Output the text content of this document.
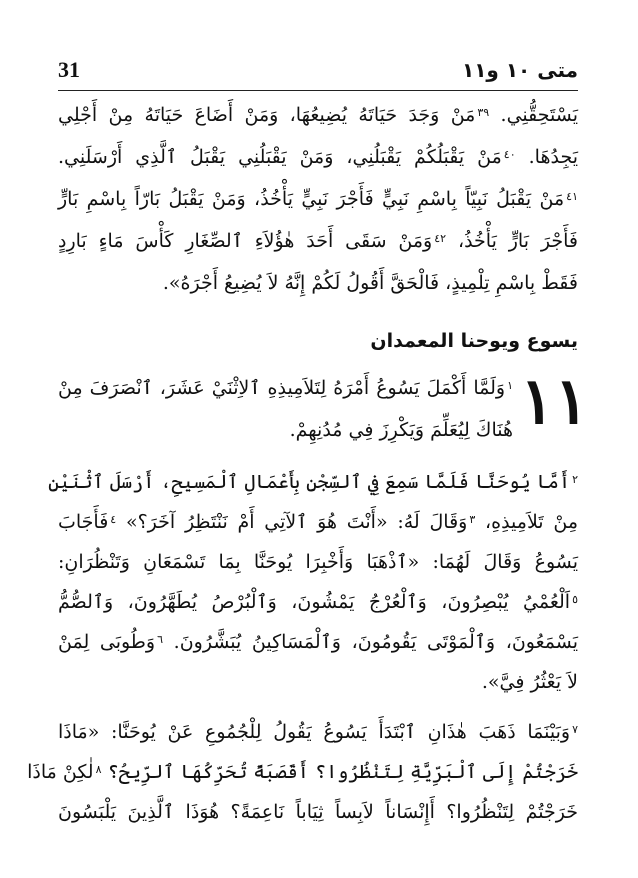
31	متى ١٠ و١١
يَسْتَحِقُّنِي. $^{٣٩}$مَنْ وَجَدَ حَيَاتَهُ يُضِيعُهَا، وَمَنْ أَضَاعَ حَيَاتَهُ مِنْ أَجْلِي
يَجِدُهَا. $^{٤٠}$مَنْ يَقْبَلُكُمْ يَقْبَلُنِي، وَمَنْ يَقْبَلُنِي يَقْبَلُ ٱلَّذِي أَرْسَلَنِي.
$^{٤١}$مَنْ يَقْبَلُ نَبِيّاً بِاسْمِ نَبِيٍّ فَأَجْرَ نَبِيٍّ يَأْخُذُ، وَمَنْ يَقْبَلُ بَارّاً بِاسْمِ بَارٍّ
فَأَجْرَ بَارٍّ يَأْخُذُ، $^{٤٢}$وَمَنْ سَقَى أَحَدَ هٰؤُلاَءِ ٱلصِّغَارِ كَأْسَ مَاءٍ بَارِدٍ
فَقَطْ بِاسْمِ تِلْمِيذٍ، فَالْحَقَّ أَقُولُ لَكُمْ إِنَّهُ لاَ يُضِيعُ أَجْرَهُ».
يسوع ويوحنا المعمدان
١١
$^١$وَلَمَّا أَكْمَلَ يَسُوعُ أَمْرَهُ لِتَلاَمِيذِهِ ٱلاِثْنَيْ عَشَرَ، ٱنْصَرَفَ مِنْ
هُنَاكَ لِيُعَلِّمَ وَيَكْرِزَ فِي مُدُنِهِمْ.
$^٢$أَمَّا يُوحَنَّا فَلَمَّا سَمِعَ فِي ٱلسِّجْنِ بِأَعْمَالِ ٱلْمَسِيحِ، أَرْسَلَ ٱثْنَيْنِ
مِنْ تَلاَمِيذِهِ، $^٣$وَقَالَ لَهُ: «أَنْتَ هُوَ ٱلآتِي أَمْ نَنْتَظِرُ آخَرَ؟» $^٤$فَأَجَابَ
يَسُوعُ وَقَالَ لَهُمَا: «ٱذْهَبَا وَأَخْبِرَا يُوحَنَّا بِمَا تَسْمَعَانِ وَتَنْظُرَانِ:
$^٥$اَلْعُمْيُ يُبْصِرُونَ، وَٱلْعُرْجُ يَمْشُونَ، وَٱلْبُرْصُ يُطَهَّرُونَ، وَٱلصُّمُّ
يَسْمَعُونَ، وَٱلْمَوْتَى يَقُومُونَ، وَٱلْمَسَاكِينُ يُبَشَّرُونَ. $^٦$وَطُوبَى لِمَنْ
لاَ يَعْثُرُ فِيَّ».
$^٧$وَبَيْنَمَا ذَهَبَ هٰذَانِ ٱبْتَدَأَ يَسُوعُ يَقُولُ لِلْجُمُوعِ عَنْ يُوحَنَّا: «مَاذَا
خَرَجْتُمْ إِلَى ٱلْبَرِّيَّةِ لِتَنْظُرُوا؟ أَقَصَبَةً تُحَرِّكُهَا ٱلرِّيحُ؟ $^٨$لٰكِنْ مَاذَا
خَرَجْتُمْ لِتَنْظُرُوا؟ أَإِنْسَاناً لاَبِساً ثِيَاباً نَاعِمَةً؟ هُوَذَا ٱلَّذِينَ يَلْبَسُونَ
